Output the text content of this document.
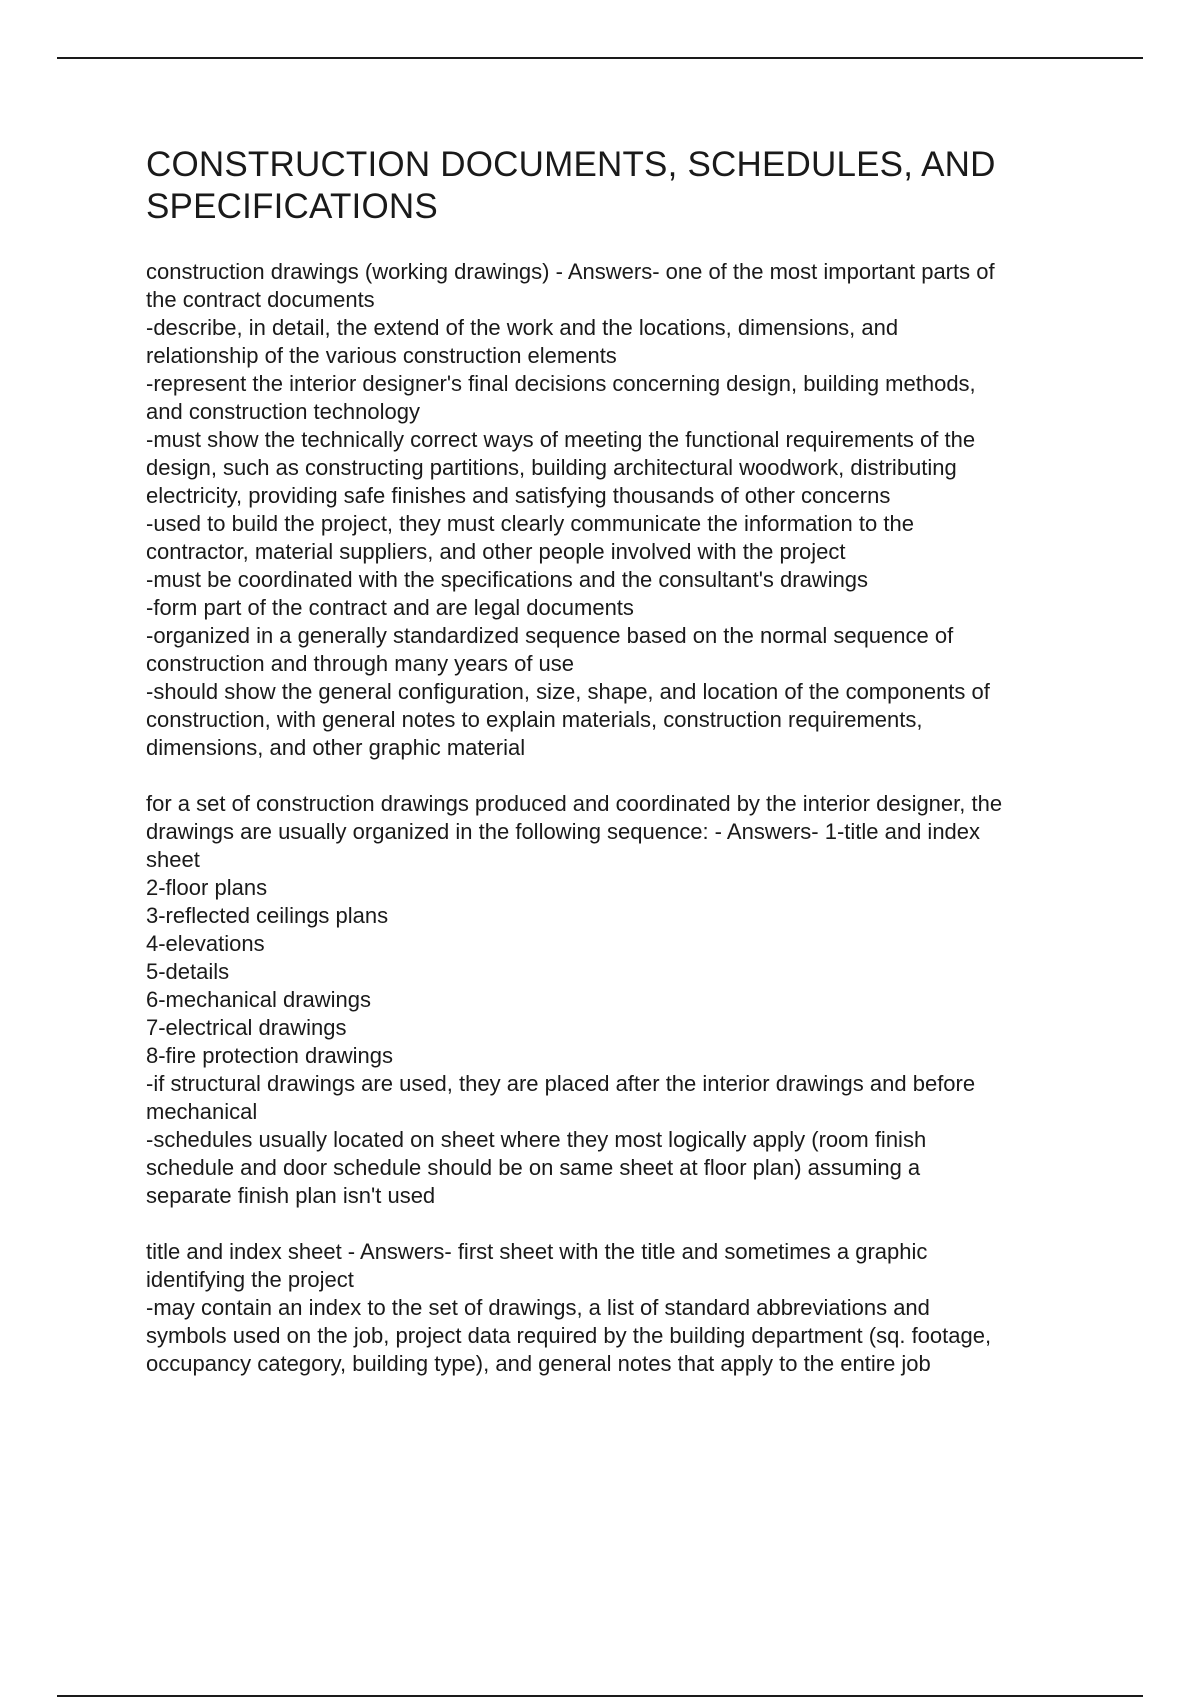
CONSTRUCTION DOCUMENTS, SCHEDULES, AND
SPECIFICATIONS
construction drawings (working drawings) - Answers- one of the most important parts of
the contract documents
-describe, in detail, the extend of the work and the locations, dimensions, and
relationship of the various construction elements
-represent the interior designer's final decisions concerning design, building methods,
and construction technology
-must show the technically correct ways of meeting the functional requirements of the
design, such as constructing partitions, building architectural woodwork, distributing
electricity, providing safe finishes and satisfying thousands of other concerns
-used to build the project, they must clearly communicate the information to the
contractor, material suppliers, and other people involved with the project
-must be coordinated with the specifications and the consultant's drawings
-form part of the contract and are legal documents
-organized in a generally standardized sequence based on the normal sequence of
construction and through many years of use
-should show the general configuration, size, shape, and location of the components of
construction, with general notes to explain materials, construction requirements,
dimensions, and other graphic material
for a set of construction drawings produced and coordinated by the interior designer, the
drawings are usually organized in the following sequence: - Answers- 1-title and index
sheet
2-floor plans
3-reflected ceilings plans
4-elevations
5-details
6-mechanical drawings
7-electrical drawings
8-fire protection drawings
-if structural drawings are used, they are placed after the interior drawings and before
mechanical
-schedules usually located on sheet where they most logically apply (room finish
schedule and door schedule should be on same sheet at floor plan) assuming a
separate finish plan isn't used
title and index sheet - Answers- first sheet with the title and sometimes a graphic
identifying the project
-may contain an index to the set of drawings, a list of standard abbreviations and
symbols used on the job, project data required by the building department (sq. footage,
occupancy category, building type), and general notes that apply to the entire job
